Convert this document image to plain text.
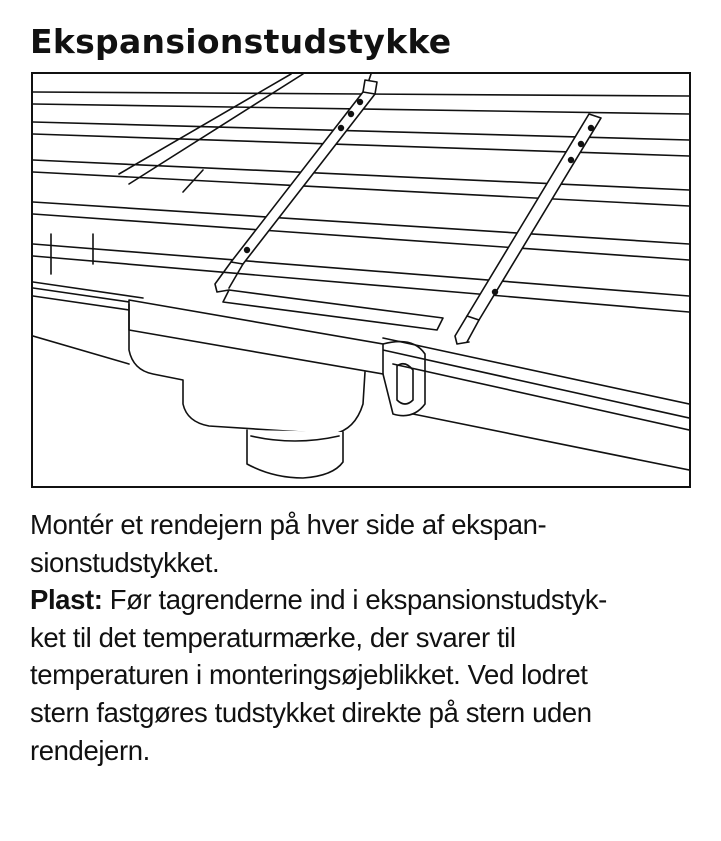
Ekspansionstudstykke

Montér et rendejern på hver side af ekspan-
sionstudstykket.

Plast: Før tagrenderne ind i ekspansionstudstyk-
ket til det temperaturmærke, der svarer til
temperaturen i monteringsøjeblikket. Ved lodret
stern fastgøres tudstykket direkte på stern uden
rendejern.
